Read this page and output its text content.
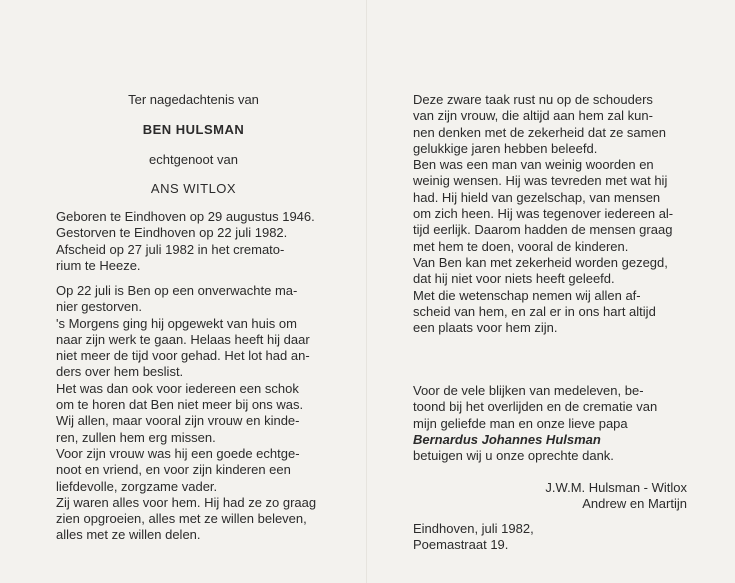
Ter nagedachtenis van
BEN HULSMAN
echtgenoot van
ANS WITLOX

Geboren te Eindhoven op 29 augustus 1946.
Gestorven te Eindhoven op 22 juli 1982.
Afscheid op 27 juli 1982 in het cremato-
rium te Heeze.

Op 22 juli is Ben op een onverwachte ma-
nier gestorven.
's Morgens ging hij opgewekt van huis om
naar zijn werk te gaan. Helaas heeft hij daar
niet meer de tijd voor gehad. Het lot had an-
ders over hem beslist.
Het was dan ook voor iedereen een schok
om te horen dat Ben niet meer bij ons was.
Wij allen, maar vooral zijn vrouw en kinde-
ren, zullen hem erg missen.
Voor zijn vrouw was hij een goede echtge-
noot en vriend, en voor zijn kinderen een
liefdevolle, zorgzame vader.
Zij waren alles voor hem. Hij had ze zo graag
zien opgroeien, alles met ze willen beleven,
alles met ze willen delen.

Deze zware taak rust nu op de schouders
van zijn vrouw, die altijd aan hem zal kun-
nen denken met de zekerheid dat ze samen
gelukkige jaren hebben beleefd.
Ben was een man van weinig woorden en
weinig wensen. Hij was tevreden met wat hij
had. Hij hield van gezelschap, van mensen
om zich heen. Hij was tegenover iedereen al-
tijd eerlijk. Daarom hadden de mensen graag
met hem te doen, vooral de kinderen.
Van Ben kan met zekerheid worden gezegd,
dat hij niet voor niets heeft geleefd.
Met die wetenschap nemen wij allen af-
scheid van hem, en zal er in ons hart altijd
een plaats voor hem zijn.

Voor de vele blijken van medeleven, be-
toond bij het overlijden en de crematie van
mijn geliefde man en onze lieve papa
Bernardus Johannes Hulsman
betuigen wij u onze oprechte dank.

J.W.M. Hulsman - Witlox
Andrew en Martijn
Eindhoven, juli 1982,
Poemastraat 19.
